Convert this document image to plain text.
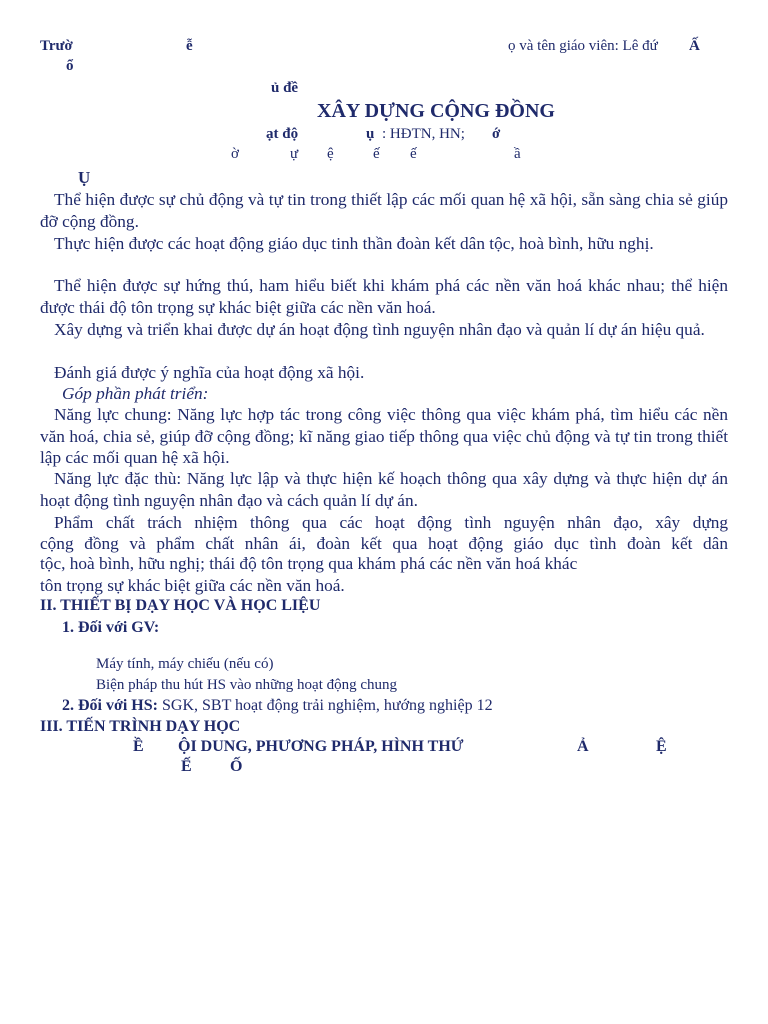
Trườ	ễ
ổ
ọ và tên giáo viên: Lê đứ Ấ
ủ đề
XÂY DỰNG CỘNG ĐỒNG
ạt độ	ụ : HĐTN, HN; ớ
ờ	ự ệ	ế ế	ầ
Ụ
Thể hiện được sự chủ động và tự tin trong thiết lập các mối quan hệ xã hội, sẵn sàng chia sẻ giúp đỡ cộng đồng.
Thực hiện được các hoạt động giáo dục tinh thần đoàn kết dân tộc, hoà bình, hữu nghị.
Thể hiện được sự hứng thú, ham hiểu biết khi khám phá các nền văn hoá khác nhau; thể hiện được thái độ tôn trọng sự khác biệt giữa các nền văn hoá.
Xây dựng và triển khai được dự án hoạt động tình nguyện nhân đạo và quản lí dự án hiệu quả.
Đánh giá được ý nghĩa của hoạt động xã hội.
Góp phần phát triển:
Năng lực chung: Năng lực hợp tác trong công việc thông qua việc khám phá, tìm hiểu các nền văn hoá, chia sẻ, giúp đỡ cộng đồng; kĩ năng giao tiếp thông qua việc chủ động và tự tin trong thiết lập các mối quan hệ xã hội.
Năng lực đặc thù: Năng lực lập và thực hiện kế hoạch thông qua xây dựng và thực hiện dự án hoạt động tình nguyện nhân đạo và cách quản lí dự án.
Phẩm chất trách nhiệm thông qua các hoạt động tình nguyện nhân đạo, xây dựng
cộng đồng và phẩm chất nhân ái, đoàn kết qua hoạt động giáo dục tình đoàn kết dân
tộc, hoà bình, hữu nghị; thái độ tôn trọng qua khám phá các nền văn hoá khác
tôn trọng sự khác biệt giữa các nền văn hoá.
II. THIẾT BỊ DẠY HỌC VÀ HỌC LIỆU
1. Đối với GV:
Máy tính, máy chiếu (nếu có)
Biện pháp thu hút HS vào những hoạt động chung
2. Đối với HS: SGK, SBT hoạt động trải nghiệm, hướng nghiệp 12
III. TIẾN TRÌNH DẠY HỌC
Ề ỘI DUNG, PHƯƠNG PHÁP, HÌNH THỨ	Ả	Ệ
Ế Ố
